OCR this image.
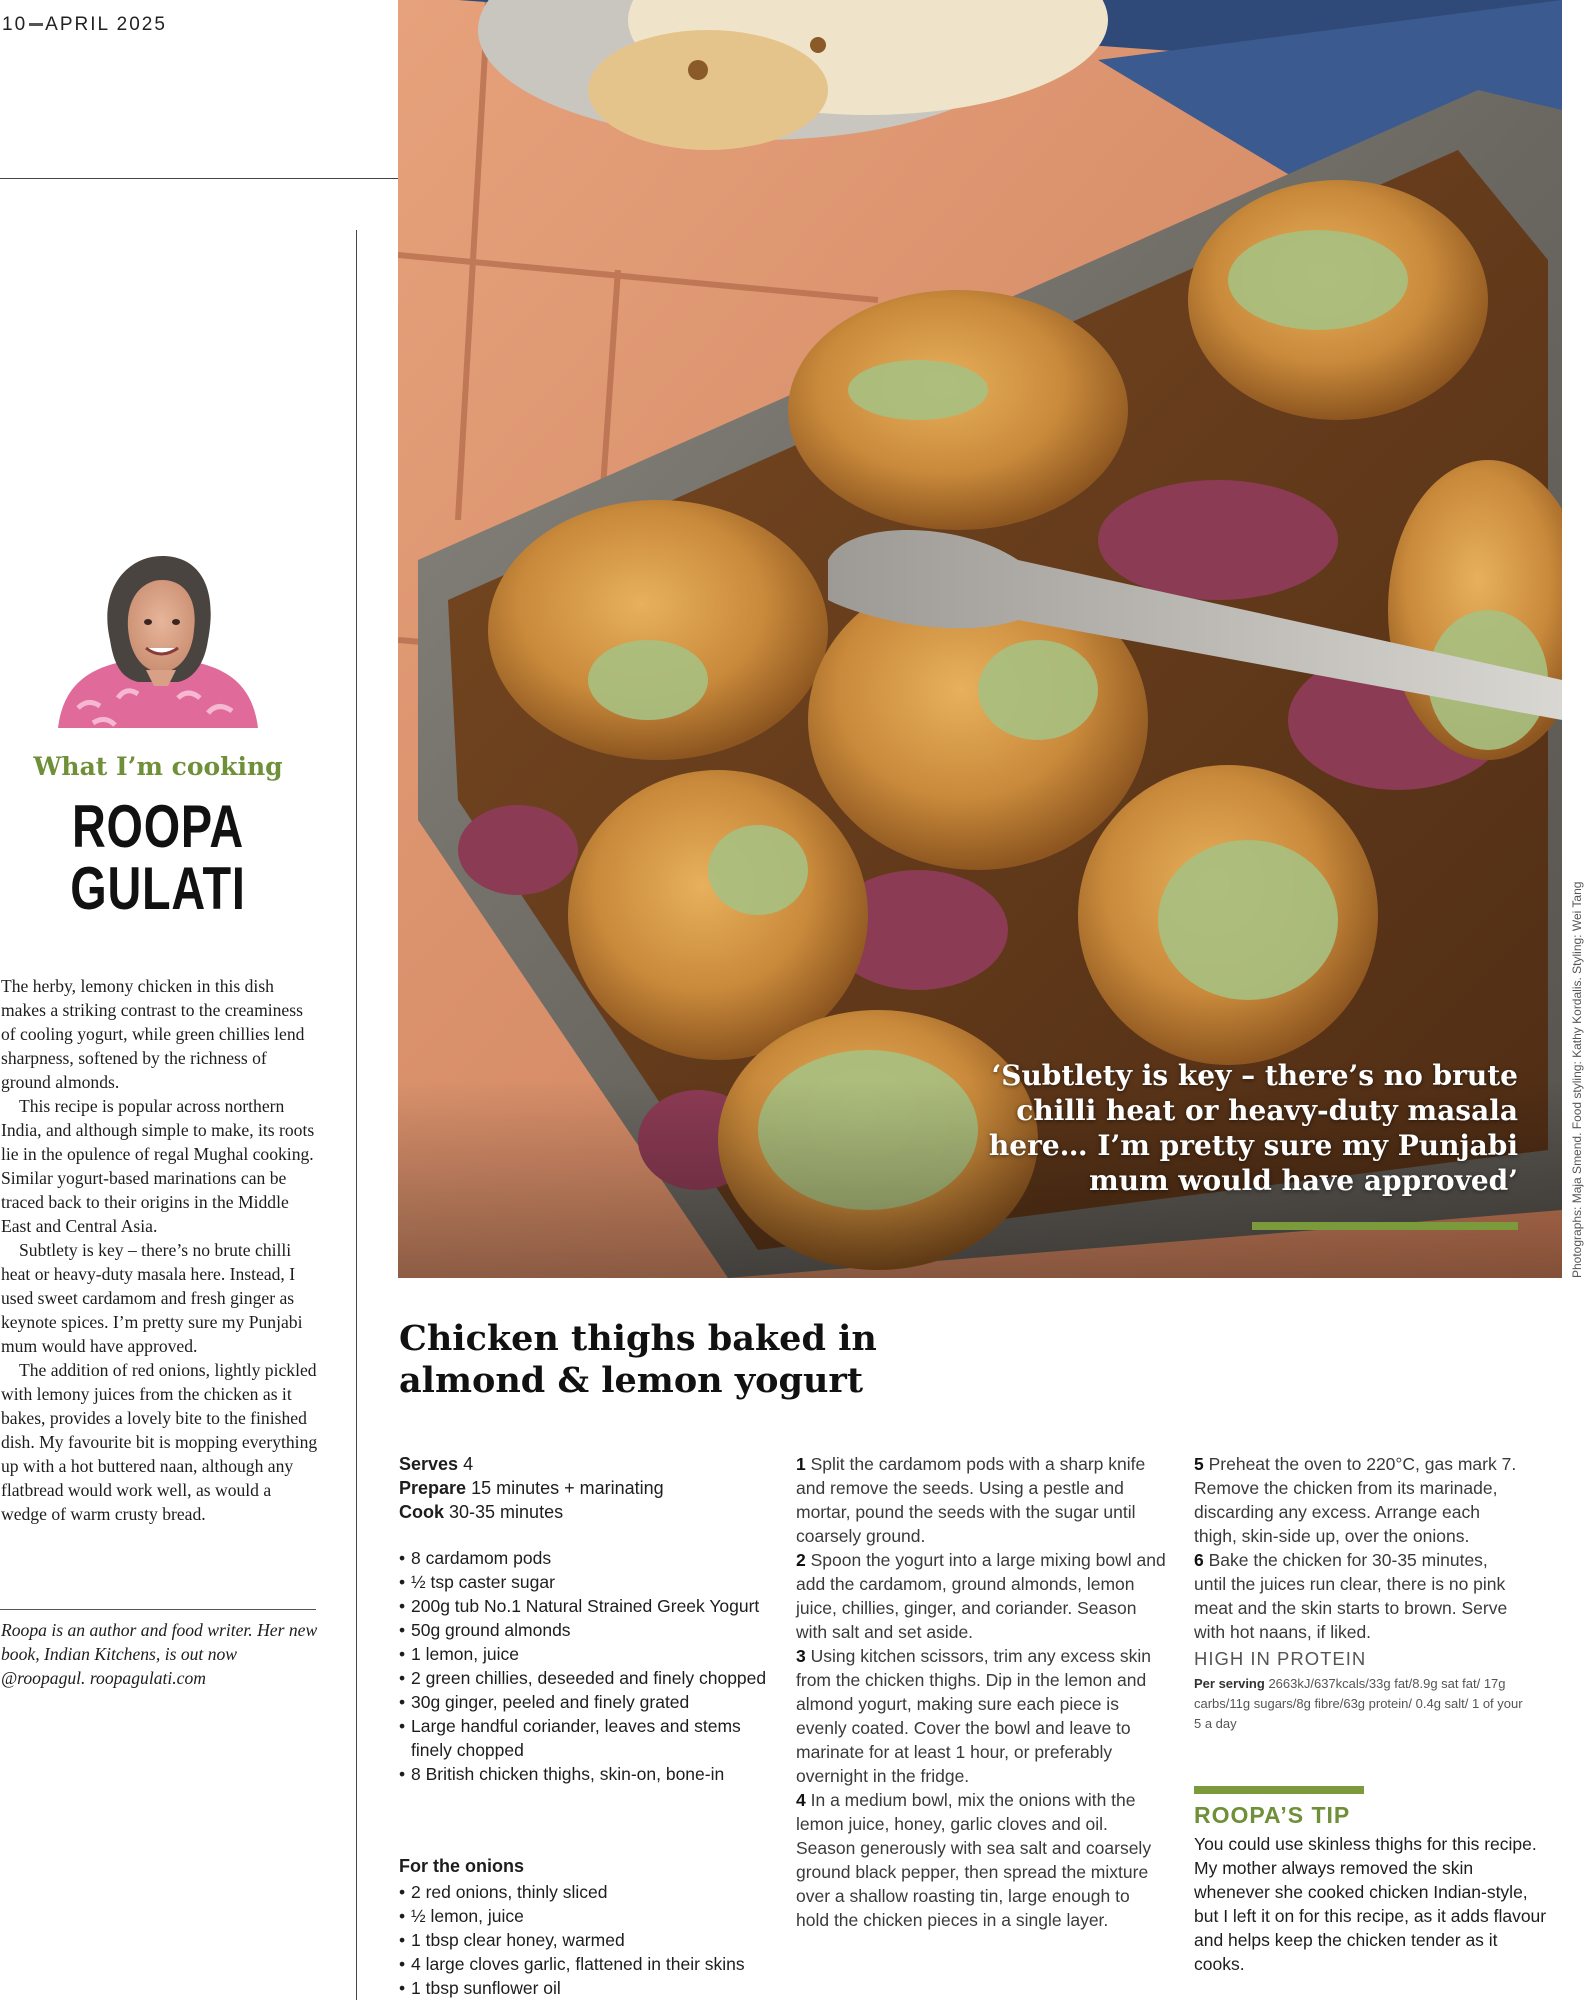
10 APRIL 2025
What I’m cooking
ROOPA
GULATI

The herby, lemony chicken in this dish makes a striking contrast to the creaminess of cooling yogurt, while green chillies lend sharpness, softened by the richness of ground almonds.

This recipe is popular across northern India, and although simple to make, its roots lie in the opulence of regal Mughal cooking. Similar yogurt-based marinations can be traced back to their origins in the Middle East and Central Asia.

Subtlety is key – there’s no brute chilli heat or heavy-duty masala here. Instead, I used sweet cardamom and fresh ginger as keynote spices. I’m pretty sure my Punjabi mum would have approved.

The addition of red onions, lightly pickled with lemony juices from the chicken as it bakes, provides a lovely bite to the finished dish. My favourite bit is mopping everything up with a hot buttered naan, although any flatbread would work well, as would a wedge of warm crusty bread.

Roopa is an author and food writer. Her new book, Indian Kitchens, is out now @roopagul. roopagulati.com
Photographs: Maja Smend. Food styling: Kathy Kordalis. Styling: Wei Tang
‘Subtlety is key – there’s no brute chilli heat or heavy-duty masala here… I’m pretty sure my Punjabi mum would have approved’
Chicken thighs baked in almond & lemon yogurt
Serves 4
Prepare 15 minutes + marinating
Cook 30-35 minutes
• 8 cardamom pods
• ½ tsp caster sugar
• 200g tub No.1 Natural Strained Greek Yogurt
• 50g ground almonds
• 1 lemon, juice
• 2 green chillies, deseeded and finely chopped
• 30g ginger, peeled and finely grated
• Large handful coriander, leaves and stems finely chopped
• 8 British chicken thighs, skin-on, bone-in
For the onions
• 2 red onions, thinly sliced
• ½ lemon, juice
• 1 tbsp clear honey, warmed
• 4 large cloves garlic, flattened in their skins
• 1 tbsp sunflower oil

1 Split the cardamom pods with a sharp knife and remove the seeds. Using a pestle and mortar, pound the seeds with the sugar until coarsely ground.

2 Spoon the yogurt into a large mixing bowl and add the cardamom, ground almonds, lemon juice, chillies, ginger, and coriander. Season with salt and set aside.

3 Using kitchen scissors, trim any excess skin from the chicken thighs. Dip in the lemon and almond yogurt, making sure each piece is evenly coated. Cover the bowl and leave to marinate for at least 1 hour, or preferably overnight in the fridge.

4 In a medium bowl, mix the onions with the lemon juice, honey, garlic cloves and oil. Season generously with sea salt and coarsely ground black pepper, then spread the mixture over a shallow roasting tin, large enough to hold the chicken pieces in a single layer.

5 Preheat the oven to 220°C, gas mark 7. Remove the chicken from its marinade, discarding any excess. Arrange each thigh, skin-side up, over the onions.

6 Bake the chicken for 30-35 minutes, until the juices run clear, there is no pink meat and the skin starts to brown. Serve with hot naans, if liked.

HIGH IN PROTEIN
Per serving 2663kJ/637kcals/33g fat/8.9g sat fat/ 17g carbs/11g sugars/8g fibre/63g protein/ 0.4g salt/ 1 of your 5 a day
ROOPA’S TIP
You could use skinless thighs for this recipe. My mother always removed the skin whenever she cooked chicken Indian-style, but I left it on for this recipe, as it adds flavour and helps keep the chicken tender as it cooks.
